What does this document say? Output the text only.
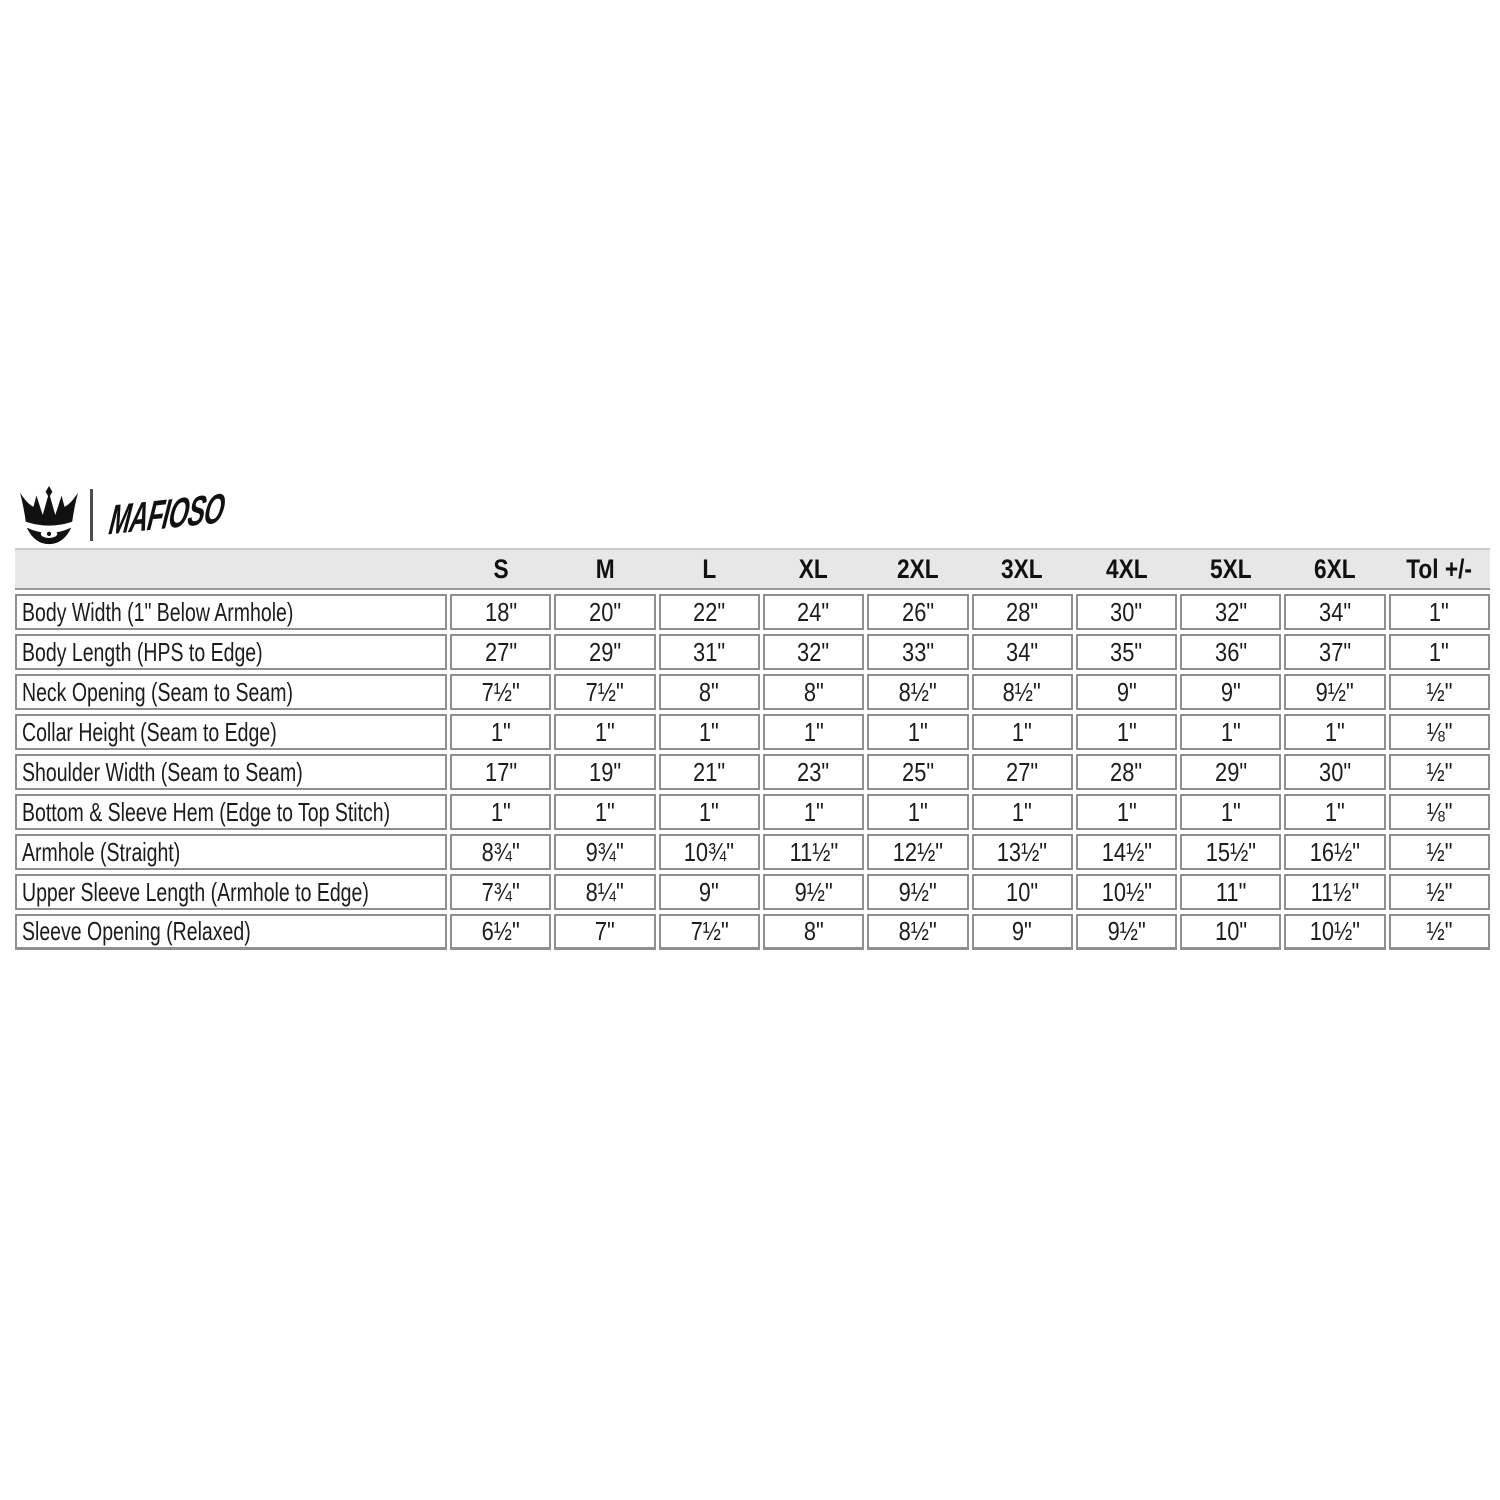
MAFIOSO
S	M	L	XL	2XL	3XL	4XL	5XL	6XL	Tol +/-
Body Width (1" Below Armhole)	18"	20"	22"	24"	26"	28"	30"	32"	34"	1"
Body Length (HPS to Edge)	27"	29"	31"	32"	33"	34"	35"	36"	37"	1"
Neck Opening (Seam to Seam)	7½"	7½"	8"	8"	8½"	8½"	9"	9"	9½"	½"
Collar Height (Seam to Edge)	1"	1"	1"	1"	1"	1"	1"	1"	1"	⅛"
Shoulder Width (Seam to Seam)	17"	19"	21"	23"	25"	27"	28"	29"	30"	½"
Bottom & Sleeve Hem (Edge to Top Stitch)	1"	1"	1"	1"	1"	1"	1"	1"	1"	⅛"
Armhole (Straight)	8¾"	9¾" 10¾" 11½" 12½" 13½" 14½" 15½" 16½"	½"
Upper Sleeve Length (Armhole to Edge)	7¾"	8¼"	9"	9½"	9½"	10" 10½" 11" 11½"	½"
Sleeve Opening (Relaxed)	6½"	7"	7½"	8"	8½"	9"	9½"	10" 10½"	½"
